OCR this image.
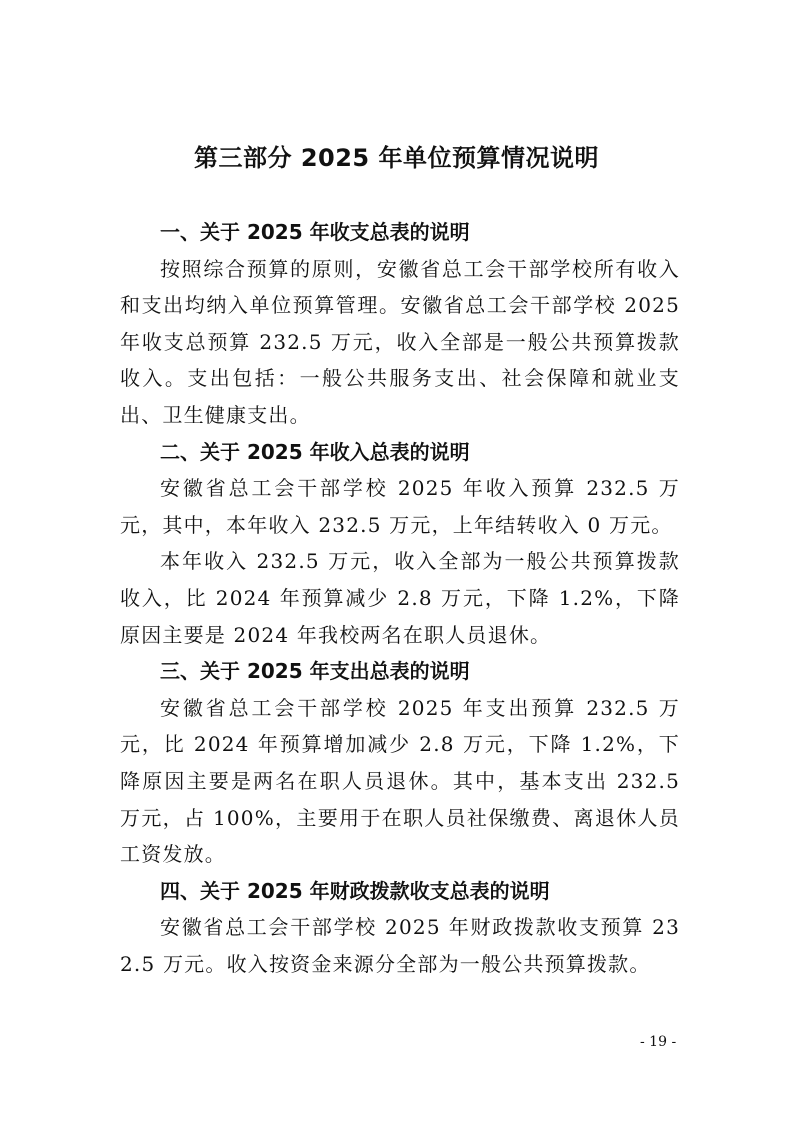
第三部分 2025 年单位预算情况说明
一、关于 2025 年收支总表的说明

按照综合预算的原则，安徽省总工会干部学校所有收入和支出均纳入单位预算管理。安徽省总工会干部学校 2025 年收支总预算 232.5 万元，收入全部是一般公共预算拨款收入。支出包括：一般公共服务支出、社会保障和就业支出、卫生健康支出。

二、关于 2025 年收入总表的说明

安徽省总工会干部学校 2025 年收入预算 232.5 万元，其中，本年收入 232.5 万元，上年结转收入 0 万元。

本年收入 232.5 万元，收入全部为一般公共预算拨款收入，比 2024 年预算减少 2.8 万元，下降 1.2%，下降原因主要是 2024 年我校两名在职人员退休。

三、关于 2025 年支出总表的说明

安徽省总工会干部学校 2025 年支出预算 232.5 万元，比 2024 年预算增加减少 2.8 万元，下降 1.2%，下降原因主要是两名在职人员退休。其中，基本支出 232.5 万元，占 100%，主要用于在职人员社保缴费、离退休人员工资发放。

四、关于 2025 年财政拨款收支总表的说明

安徽省总工会干部学校 2025 年财政拨款收支预算 232.5 万元。收入按资金来源分全部为一般公共预算拨款。

- 19 -
